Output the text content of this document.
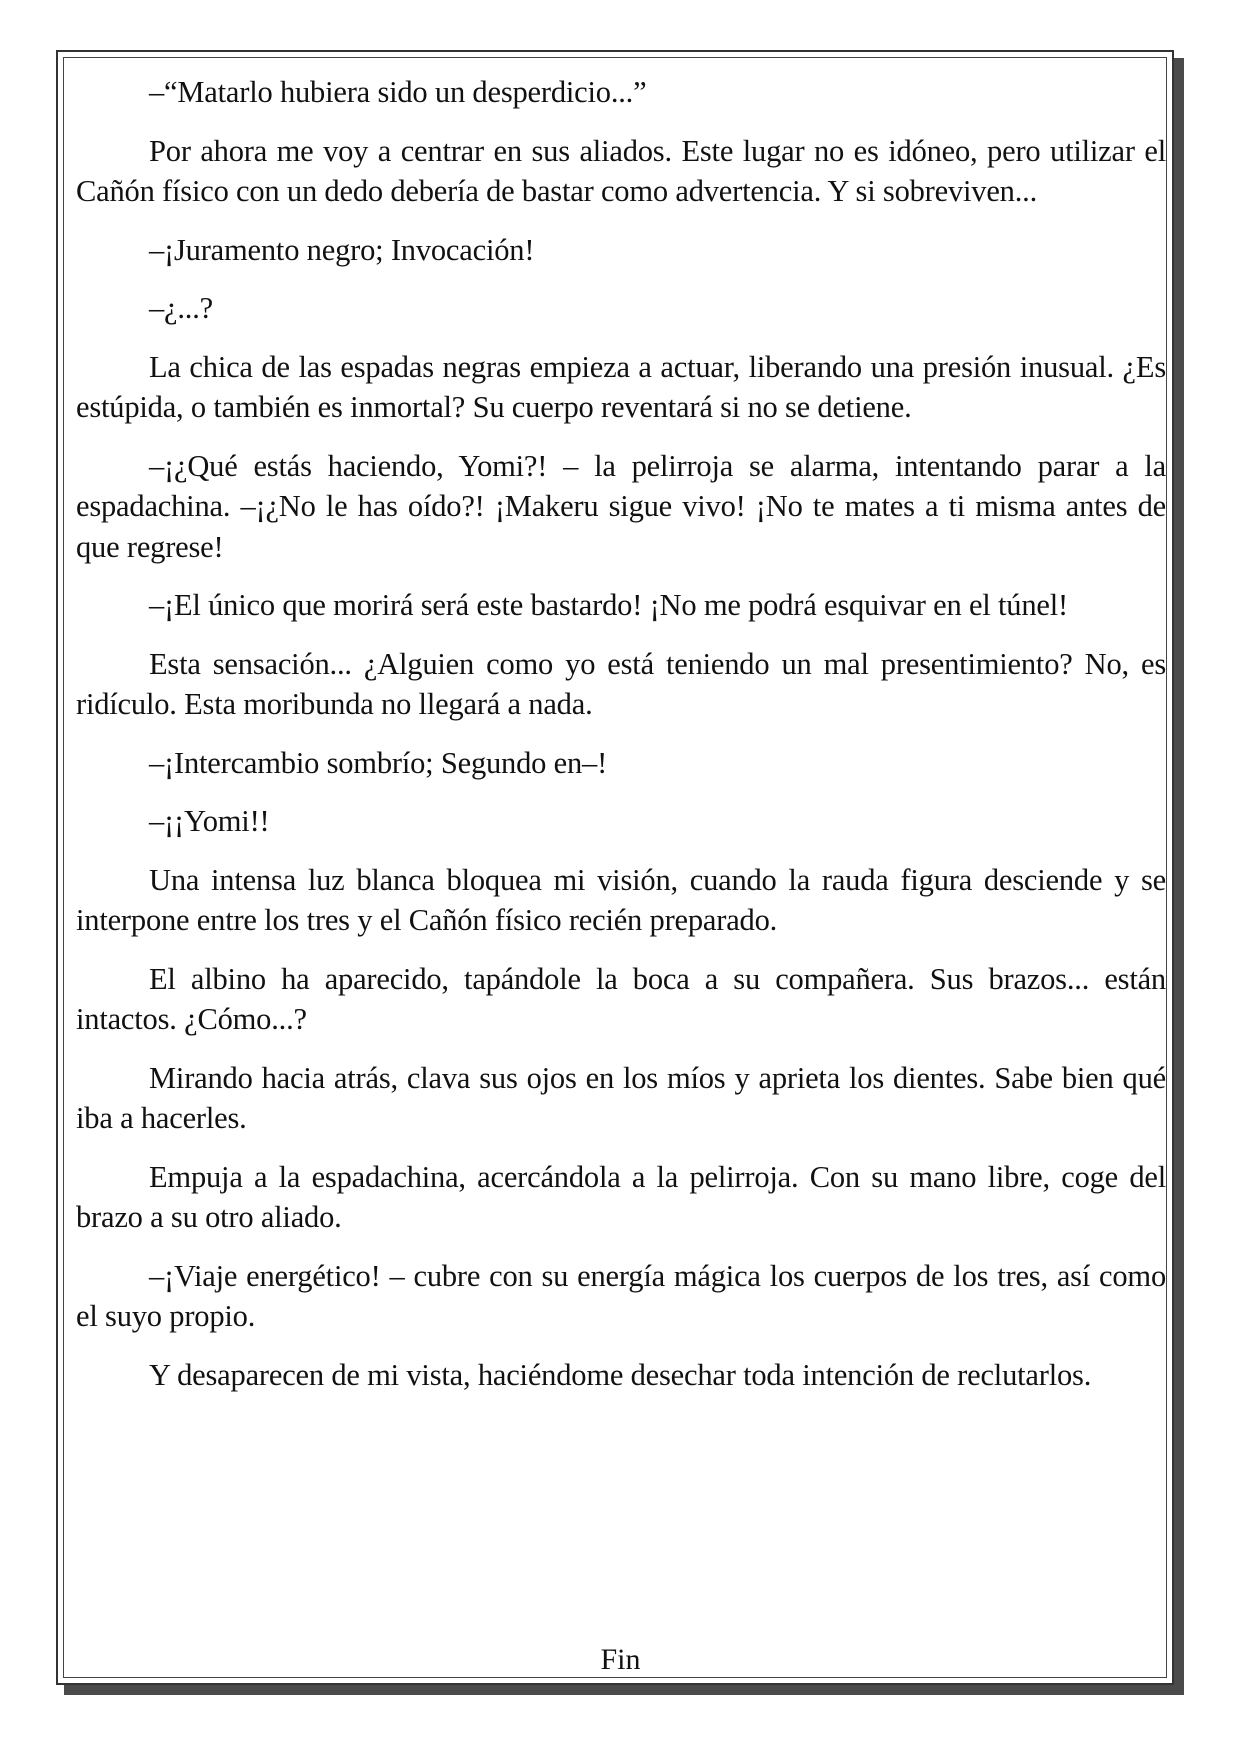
–“Matarlo hubiera sido un desperdicio...”

Por ahora me voy a centrar en sus aliados. Este lugar no es idóneo, pero utilizar el Cañón físico con un dedo debería de bastar como advertencia. Y si sobreviven...

–¡Juramento negro; Invocación!

–¿...?

La chica de las espadas negras empieza a actuar, liberando una presión inusual. ¿Es estúpida, o también es inmortal? Su cuerpo reventará si no se detiene.

–¡¿Qué estás haciendo, Yomi?! – la pelirroja se alarma, intentando parar a la espadachina. –¡¿No le has oído?! ¡Makeru sigue vivo! ¡No te mates a ti misma antes de que regrese!

–¡El único que morirá será este bastardo! ¡No me podrá esquivar en el túnel!

Esta sensación... ¿Alguien como yo está teniendo un mal presentimiento? No, es ridículo. Esta moribunda no llegará a nada.

–¡Intercambio sombrío; Segundo en–!

–¡¡Yomi!!

Una intensa luz blanca bloquea mi visión, cuando la rauda figura desciende y se interpone entre los tres y el Cañón físico recién preparado.

El albino ha aparecido, tapándole la boca a su compañera. Sus brazos... están intactos. ¿Cómo...?

Mirando hacia atrás, clava sus ojos en los míos y aprieta los dientes. Sabe bien qué iba a hacerles.

Empuja a la espadachina, acercándola a la pelirroja. Con su mano libre, coge del brazo a su otro aliado.

–¡Viaje energético! – cubre con su energía mágica los cuerpos de los tres, así como el suyo propio.

Y desaparecen de mi vista, haciéndome desechar toda intención de reclutarlos.

Fin
